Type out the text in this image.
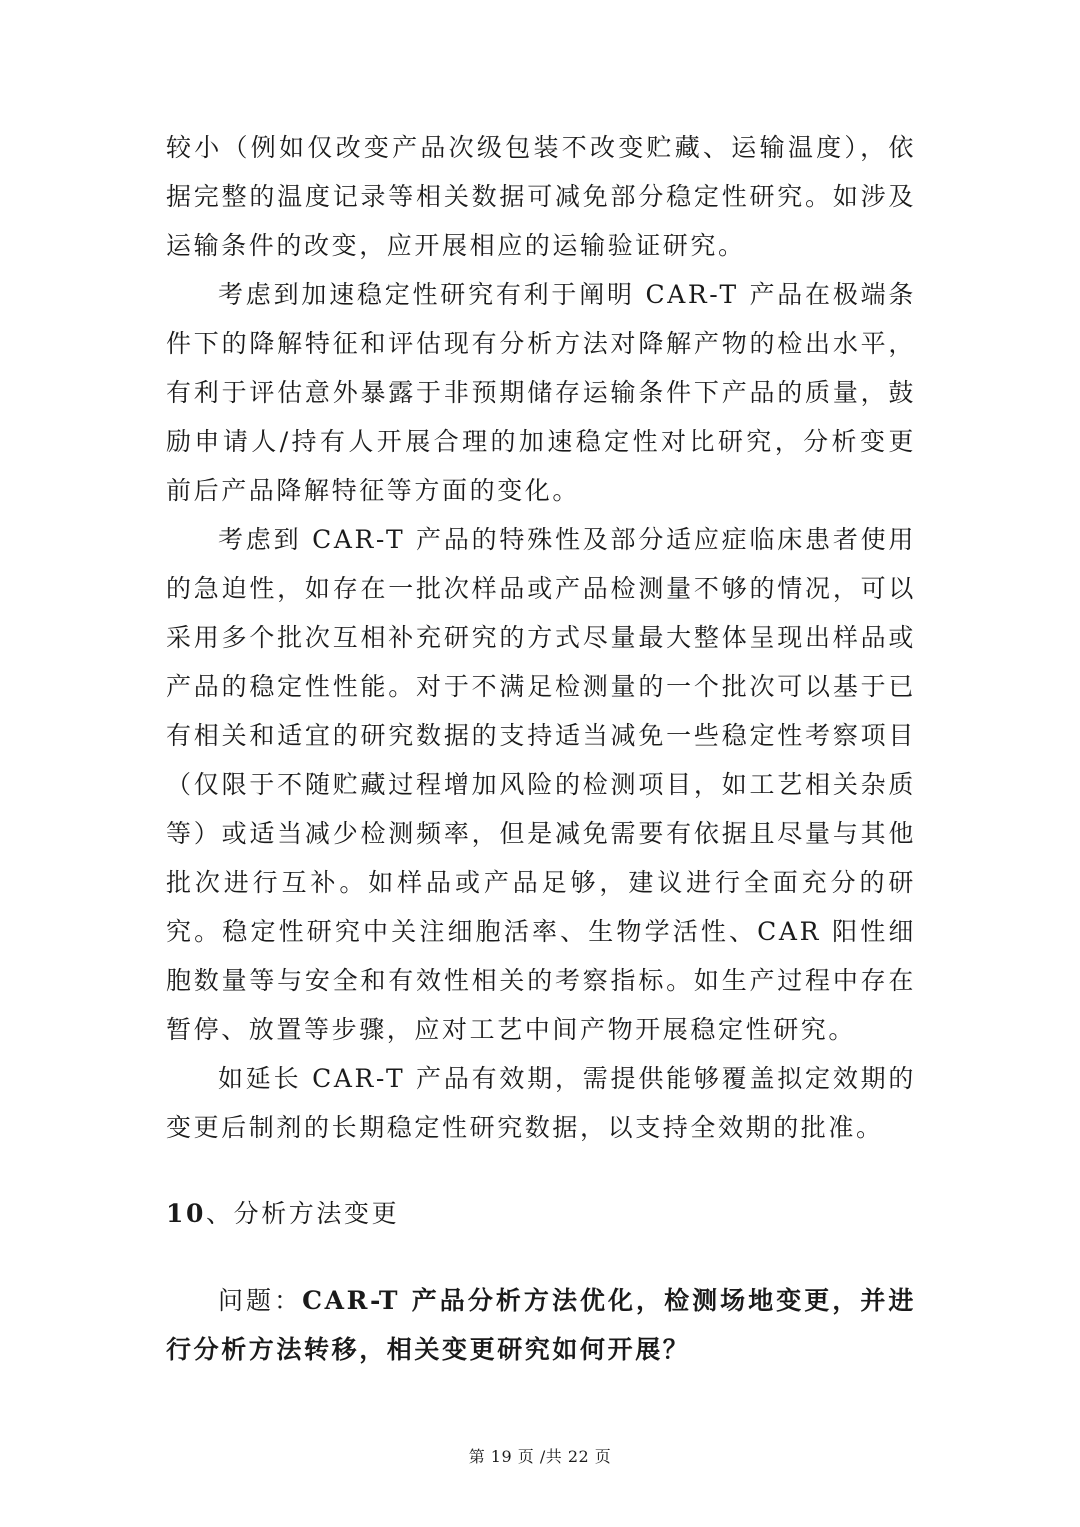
较小（例如仅改变产品次级包装不改变贮藏、运输温度），依据完整的温度记录等相关数据可减免部分稳定性研究。如涉及运输条件的改变，应开展相应的运输验证研究。

考虑到加速稳定性研究有利于阐明 CAR-T 产品在极端条件下的降解特征和评估现有分析方法对降解产物的检出水平，有利于评估意外暴露于非预期储存运输条件下产品的质量，鼓励申请人/持有人开展合理的加速稳定性对比研究，分析变更前后产品降解特征等方面的变化。

考虑到 CAR-T 产品的特殊性及部分适应症临床患者使用的急迫性，如存在一批次样品或产品检测量不够的情况，可以采用多个批次互相补充研究的方式尽量最大整体呈现出样品或产品的稳定性性能。对于不满足检测量的一个批次可以基于已有相关和适宜的研究数据的支持适当减免一些稳定性考察项目（仅限于不随贮藏过程增加风险的检测项目，如工艺相关杂质等）或适当减少检测频率，但是减免需要有依据且尽量与其他批次进行互补。如样品或产品足够，建议进行全面充分的研究。稳定性研究中关注细胞活率、生物学活性、CAR 阳性细胞数量等与安全和有效性相关的考察指标。如生产过程中存在暂停、放置等步骤，应对工艺中间产物开展稳定性研究。

如延长 CAR-T 产品有效期，需提供能够覆盖拟定效期的变更后制剂的长期稳定性研究数据，以支持全效期的批准。

10、分析方法变更

问题：CAR-T 产品分析方法优化，检测场地变更，并进行分析方法转移，相关变更研究如何开展？

第 19 页 /共 22 页
